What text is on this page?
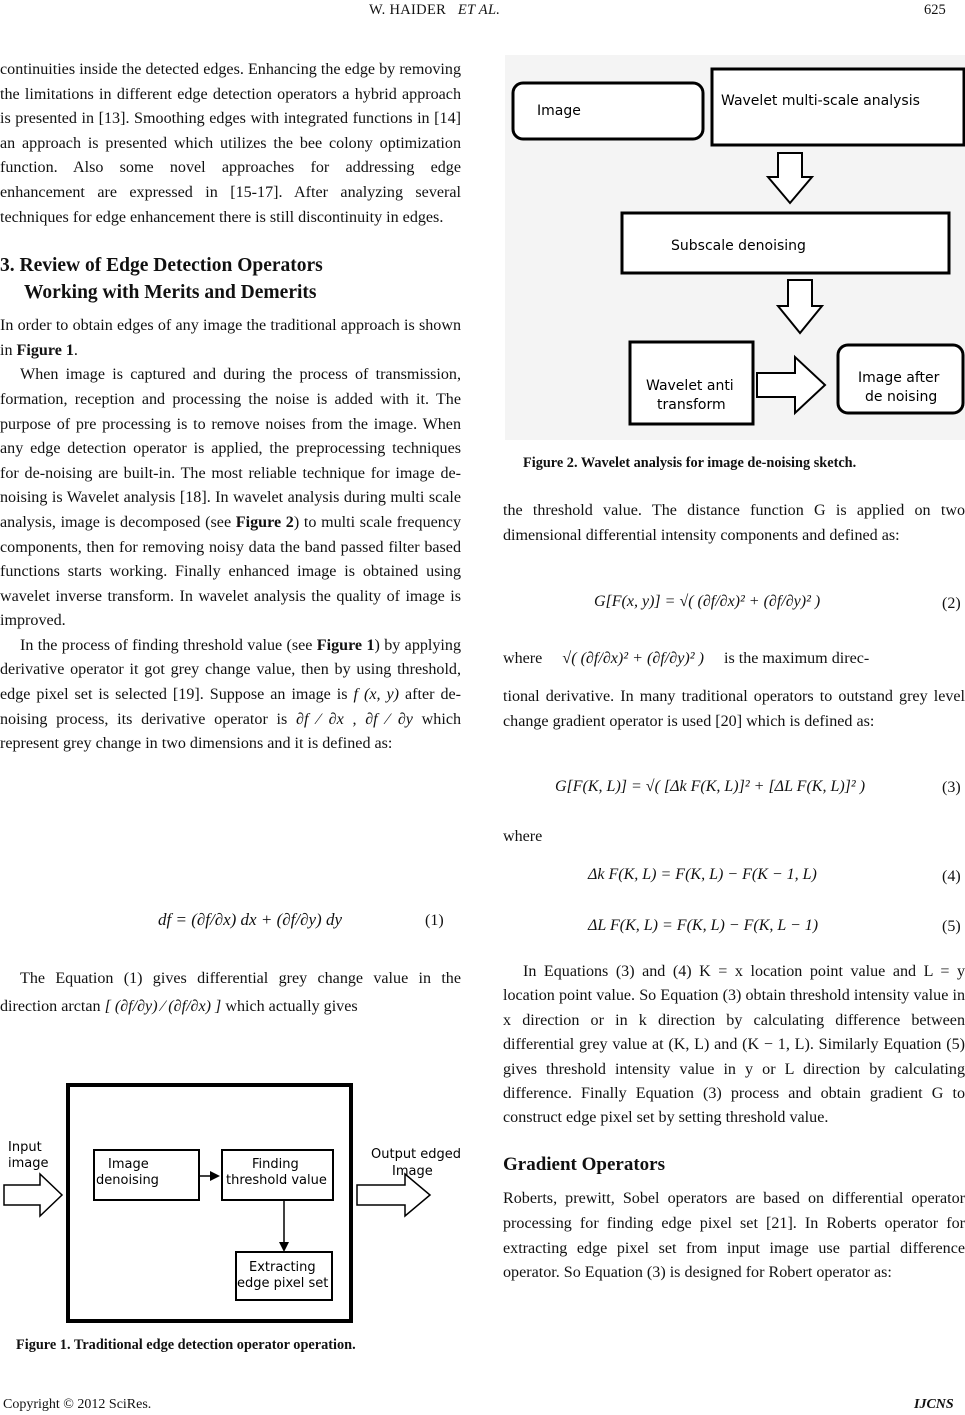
W. HAIDER ET AL.	625

continuities inside the detected edges. Enhancing the edge by removing the limitations in different edge detection operators a hybrid approach is presented in [13]. Smoothing edges with integrated functions in [14] an approach is presented which utilizes the bee colony optimization function. Also some novel approaches for addressing edge enhancement are expressed in [15-17]. After analyzing several techniques for edge enhancement there is still discontinuity in edges.

3. Review of Edge Detection Operators
Working with Merits and Demerits

In order to obtain edges of any image the traditional approach is shown in Figure 1.

When image is captured and during the process of transmission, formation, reception and processing the noise is added with it. The purpose of pre processing is to remove noises from the image. When any edge detection operator is applied, the preprocessing techniques for de-noising are built-in. The most reliable technique for image de-noising is Wavelet analysis [18]. In wavelet analysis during multi scale analysis, image is decomposed (see Figure 2) to multi scale frequency components, then for removing noisy data the band passed filter based functions starts working. Finally enhanced image is obtained using wavelet inverse transform. In wavelet analysis the quality of image is improved.

In the process of finding threshold value (see Figure 1) by applying derivative operator it got grey change value, then by using threshold, edge pixel set is selected [19]. Suppose an image is f (x, y) after de-noising process, its derivative operator is ∂f ∕ ∂x , ∂f ∕ ∂y which represent grey change in two dimensions and it is defined as:

df = (∂f/∂x) dx + (∂f/∂y) dy	(1)

The Equation (1) gives differential grey change value in the direction arctan [ (∂f/∂y) ∕ (∂f/∂x) ] which actually gives

Input
image	Image
denoising
Finding
threshold value
Output edged
Image
Extracting
edge pixel set
Figure 1. Traditional edge detection operator operation.
Image
Wavelet multi-scale analysis
Subscale denoising
Wavelet anti
transform
Image after
de noising
Figure 2. Wavelet analysis for image de-noising sketch.

the threshold value. The distance function G is applied on two dimensional differential intensity components and defined as:

G[F(x, y)] = √( (∂f/∂x)² + (∂f/∂y)² )	(2)
where √( (∂f/∂x)² + (∂f/∂y)² ) is the maximum direc-

tional derivative. In many traditional operators to outstand grey level change gradient operator is used [20] which is defined as:

G[F(K, L)] = √( [Δk F(K, L)]² + [ΔL F(K, L)]² )	(3)
where
Δk F(K, L) = F(K, L) − F(K − 1, L)	(4)
ΔL F(K, L) = F(K, L) − F(K, L − 1)	(5)

In Equations (3) and (4) K = x location point value and L = y location point value. So Equation (3) obtain threshold intensity value in x direction or in k direction by calculating difference between differential grey value at (K, L) and (K − 1, L). Similarly Equation (5) gives threshold intensity value in y or L direction by calculating difference. Finally Equation (3) process and obtain gradient G to construct edge pixel set by setting threshold value.

Gradient Operators

Roberts, prewitt, Sobel operators are based on differential operator processing for finding edge pixel set [21]. In Roberts operator for extracting edge pixel set from input image use partial difference operator. So Equation (3) is designed for Robert operator as:

Copyright © 2012 SciRes.	IJCNS
